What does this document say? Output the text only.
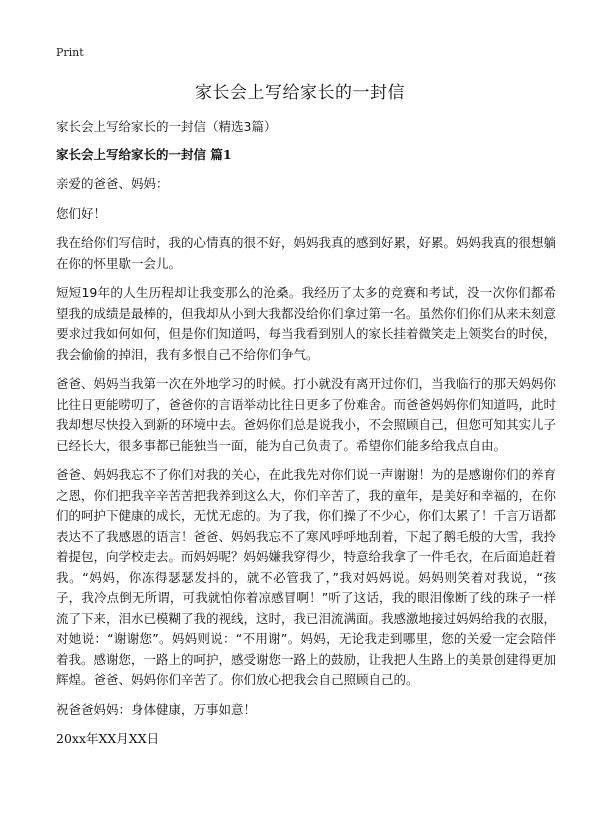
Print
家长会上写给家长的一封信

家长会上写给家长的一封信（精选3篇）

家长会上写给家长的一封信 篇1

亲爱的爸爸、妈妈：

您们好！

我在给你们写信时，我的心情真的很不好，妈妈我真的感到好累，好累。妈妈我真的很想躺在你的怀里歇一会儿。

短短19年的人生历程却让我变那么的沧桑。我经历了太多的竞赛和考试，没一次你们都希望我的成绩是最棒的，但我却从小到大我都没给你们拿过第一名。虽然你们你们从来未刻意要求过我如何如何，但是你们知道吗，每当我看到别人的家长挂着微笑走上领奖台的时侯，我会偷偷的掉泪，我有多恨自己不给你们争气。

爸爸、妈妈当我第一次在外地学习的时候。打小就没有离开过你们，当我临行的那天妈妈你比往日更能唠叨了，爸爸你的言语举动比往日更多了份难舍。而爸爸妈妈你们知道吗，此时我却想尽快投入到新的环境中去。爸妈你们总是说我小，不会照顾自己，但您可知其实儿子已经长大，很多事都已能独当一面，能为自己负责了。希望你们能多给我点自由。

爸爸、妈妈我忘不了你们对我的关心，在此我先对你们说一声谢谢！为的是感谢你们的养育之恩，你们把我辛辛苦苦把我养到这么大，你们辛苦了，我的童年，是美好和幸福的，在你们的呵护下健康的成长，无忧无虑的。为了我，你们操了不少心，你们太累了！千言万语都表达不了我感恩的语言！爸爸、妈妈我忘不了寒风呼呼地刮着，下起了鹅毛般的大雪，我拎着提包，向学校走去。而妈妈呢？妈妈嫌我穿得少，特意给我拿了一件毛衣，在后面追赶着我。“妈妈，你冻得瑟瑟发抖的，就不必管我了，”我对妈妈说。妈妈则笑着对我说，“孩子，我冷点倒无所谓，可我就怕你着凉感冒啊！”听了这话，我的眼泪像断了线的珠子一样流了下来，泪水已模糊了我的视线，这时，我已泪流满面。我感激地接过妈妈给我的衣服，对她说：“谢谢您”。妈妈则说：“不用谢”。妈妈，无论我走到哪里，您的关爱一定会陪伴着我。感谢您，一路上的呵护，感受谢您一路上的鼓励，让我把人生路上的美景创建得更加辉煌。爸爸、妈妈你们辛苦了。你们放心把我会自己照顾自己的。

祝爸爸妈妈：身体健康，万事如意！

20xx年XX月XX日
